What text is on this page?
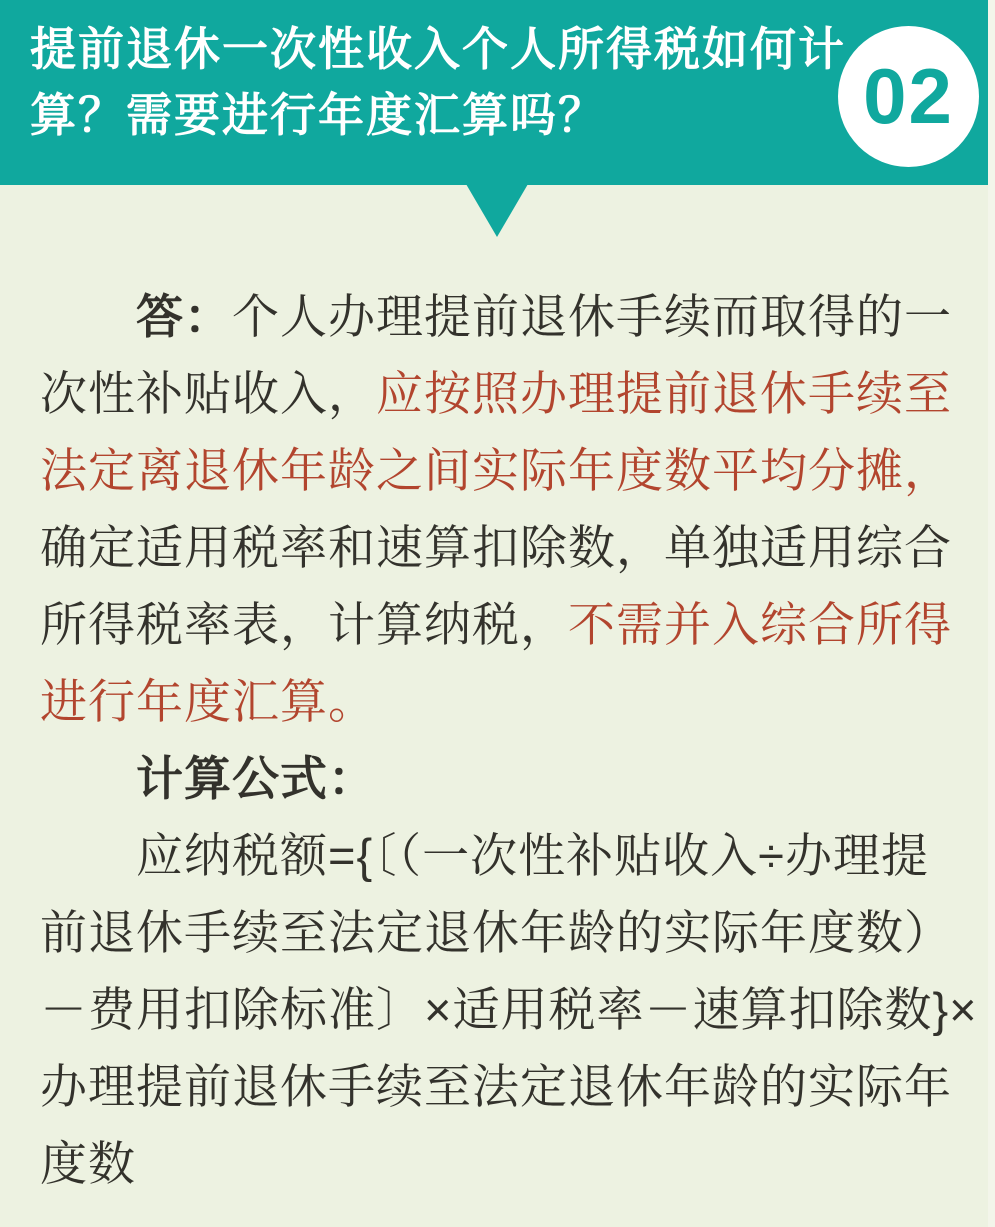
提前退休一次性收入个人所得税如何计
算？需要进行年度汇算吗？	02
答：个人办理提前退休手续而取得的一
次性补贴收入，应按照办理提前退休手续至
法定离退休年龄之间实际年度数平均分摊，
确定适用税率和速算扣除数，单独适用综合
所得税率表，计算纳税，不需并入综合所得
进行年度汇算。
计算公式：
应纳税额={〔（一次性补贴收入÷办理提
前退休手续至法定退休年龄的实际年度数）
－费用扣除标准〕×适用税率－速算扣除数}×
办理提前退休手续至法定退休年龄的实际年
度数
